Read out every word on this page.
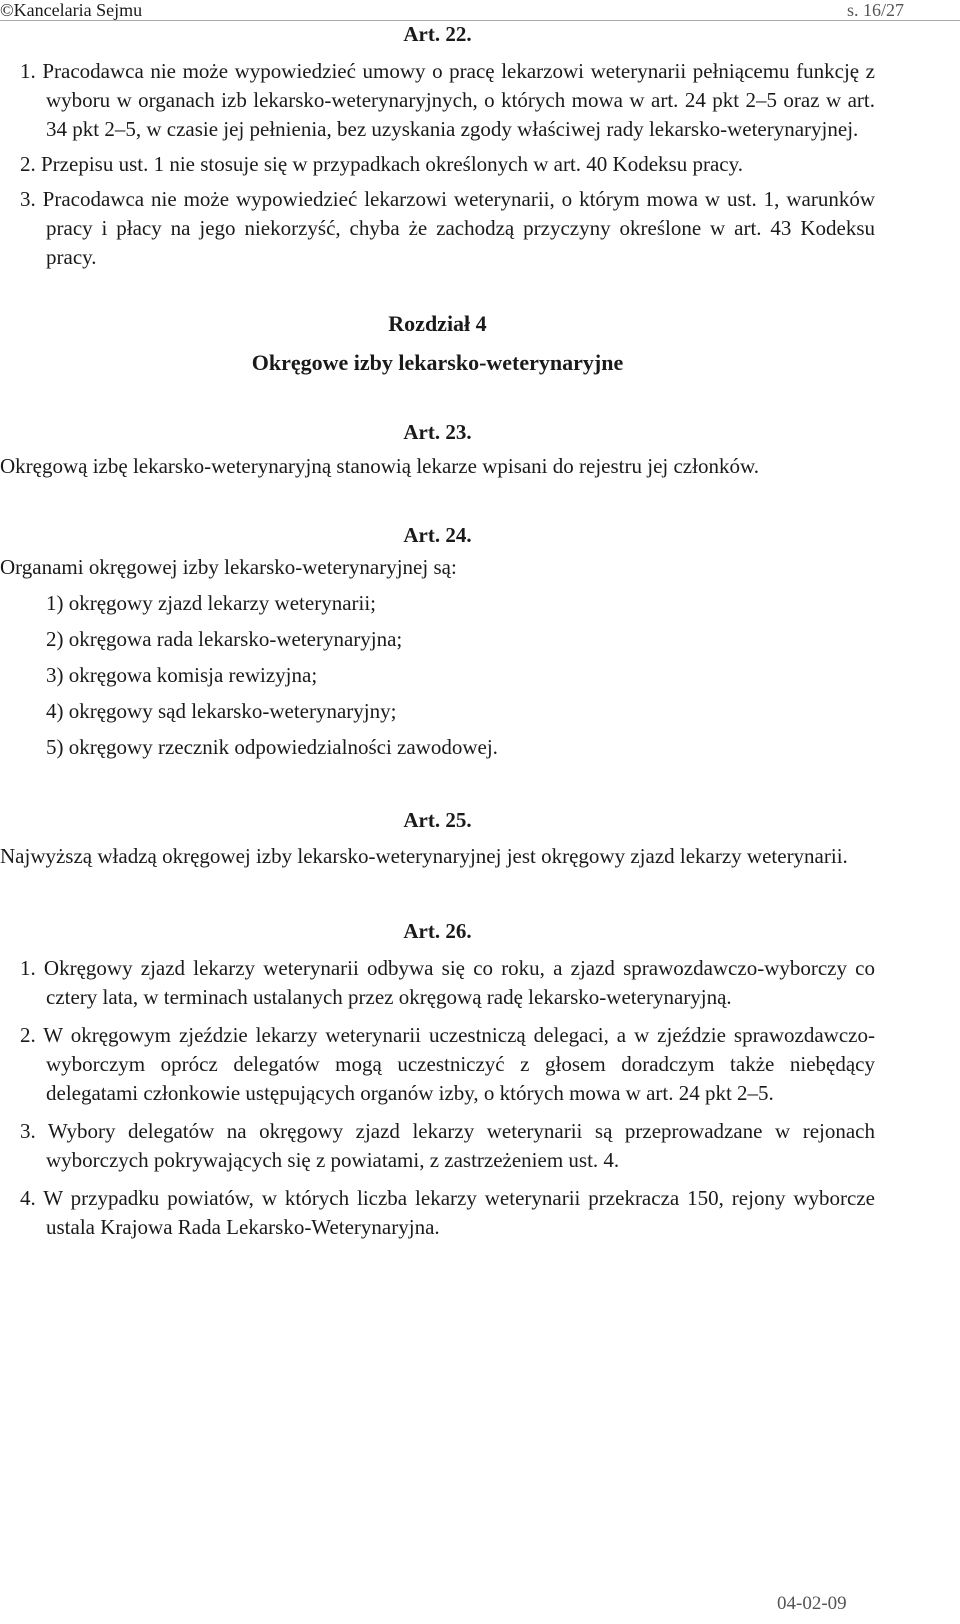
©Kancelaria Sejmu	s. 16/27
Art. 22.

1. Pracodawca nie może wypowiedzieć umowy o pracę lekarzowi weterynarii pełniącemu funkcję z wyboru w organach izb lekarsko-weterynaryjnych, o których mowa w art. 24 pkt 2–5 oraz w art. 34 pkt 2–5, w czasie jej pełnienia, bez uzyskania zgody właściwej rady lekarsko-weterynaryjnej.

2. Przepisu ust. 1 nie stosuje się w przypadkach określonych w art. 40 Kodeksu pracy.

3. Pracodawca nie może wypowiedzieć lekarzowi weterynarii, o którym mowa w ust. 1, warunków pracy i płacy na jego niekorzyść, chyba że zachodzą przyczyny określone w art. 43 Kodeksu pracy.

Rozdział 4
Okręgowe izby lekarsko-weterynaryjne
Art. 23.

Okręgową izbę lekarsko-weterynaryjną stanowią lekarze wpisani do rejestru jej członków.

Art. 24.

Organami okręgowej izby lekarsko-weterynaryjnej są:

1) okręgowy zjazd lekarzy weterynarii;

2) okręgowa rada lekarsko-weterynaryjna;

3) okręgowa komisja rewizyjna;

4) okręgowy sąd lekarsko-weterynaryjny;

5) okręgowy rzecznik odpowiedzialności zawodowej.

Art. 25.

Najwyższą władzą okręgowej izby lekarsko-weterynaryjnej jest okręgowy zjazd lekarzy weterynarii.

Art. 26.

1. Okręgowy zjazd lekarzy weterynarii odbywa się co roku, a zjazd sprawozdawczo-wyborczy co cztery lata, w terminach ustalanych przez okręgową radę lekarsko-weterynaryjną.

2. W okręgowym zjeździe lekarzy weterynarii uczestniczą delegaci, a w zjeździe sprawozdawczo-wyborczym oprócz delegatów mogą uczestniczyć z głosem doradczym także niebędący delegatami członkowie ustępujących organów izby, o których mowa w art. 24 pkt 2–5.

3. Wybory delegatów na okręgowy zjazd lekarzy weterynarii są przeprowadzane w rejonach wyborczych pokrywających się z powiatami, z zastrzeżeniem ust. 4.

4. W przypadku powiatów, w których liczba lekarzy weterynarii przekracza 150, rejony wyborcze ustala Krajowa Rada Lekarsko-Weterynaryjna.

04-02-09
